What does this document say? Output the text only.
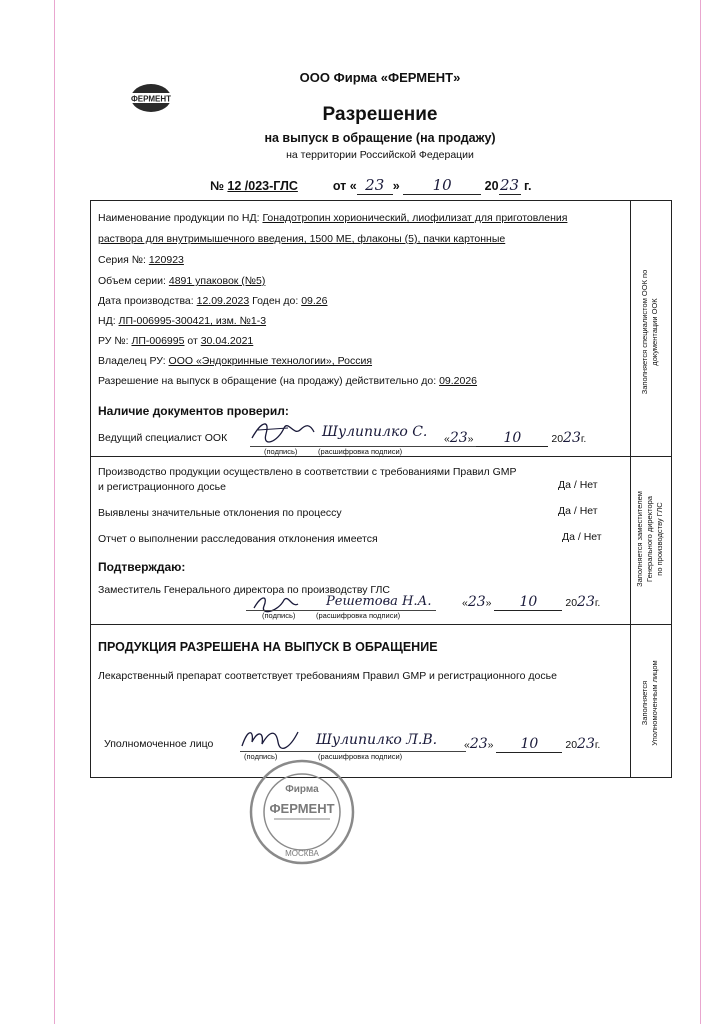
ФЕРМЕНТ
ООО Фирма «ФЕРМЕНТ»
Разрешение
на выпуск в обращение (на продажу)
на территории Российской Федерации
№ 12 /023-ГЛС	от « 23 » 10	2023 г.
Наименование продукции по НД: Гонадотропин хорионический, лиофилизат для приготовления
раствора для внутримышечного введения, 1500 МЕ, флаконы (5), пачки картонные
Серия №: 120923
Объем серии: 4891 упаковок (№5)
Дата производства: 12.09.2023 Годен до: 09.26
НД: ЛП-006995-300421, изм. №1-3
РУ №: ЛП-006995 от 30.04.2021
Владелец РУ: ООО «Эндокринные технологии», Россия
Разрешение на выпуск в обращение (на продажу) действительно до: 09.2026
Наличие документов проверил:
Ведущий специалист ООК	Шулипилко С.
(подпись)	(расшифровка подписи)
«23» 10	2023г.
Заполняется специалистом ООК по документации ООК
Производство продукции осуществлено в соответствии с требованиями Правил GMP
и регистрационного досье	Да / Нет
Выявлены значительные отклонения по процессу	Да / Нет
Отчет о выполнении расследования отклонения имеется	Да / Нет
Подтверждаю:
Заместитель Генерального директора по производству ГЛС
Решетова Н.А.
(подпись)	(расшифровка подписи)
«23» 10	2023г.
Заполняется заместителем Генерального директора по производству ГЛС
ПРОДУКЦИЯ РАЗРЕШЕНА НА ВЫПУСК В ОБРАЩЕНИЕ
Лекарственный препарат соответствует требованиям Правил GMP и регистрационного досье
Уполномоченное лицо	Шулипилко Л.В.
(подпись)	(расшифровка подписи)
«23» 10	2023г.
Заполняется Уполномоченным лицом
Фирма
ФЕРМЕНТ
МОСКВА
